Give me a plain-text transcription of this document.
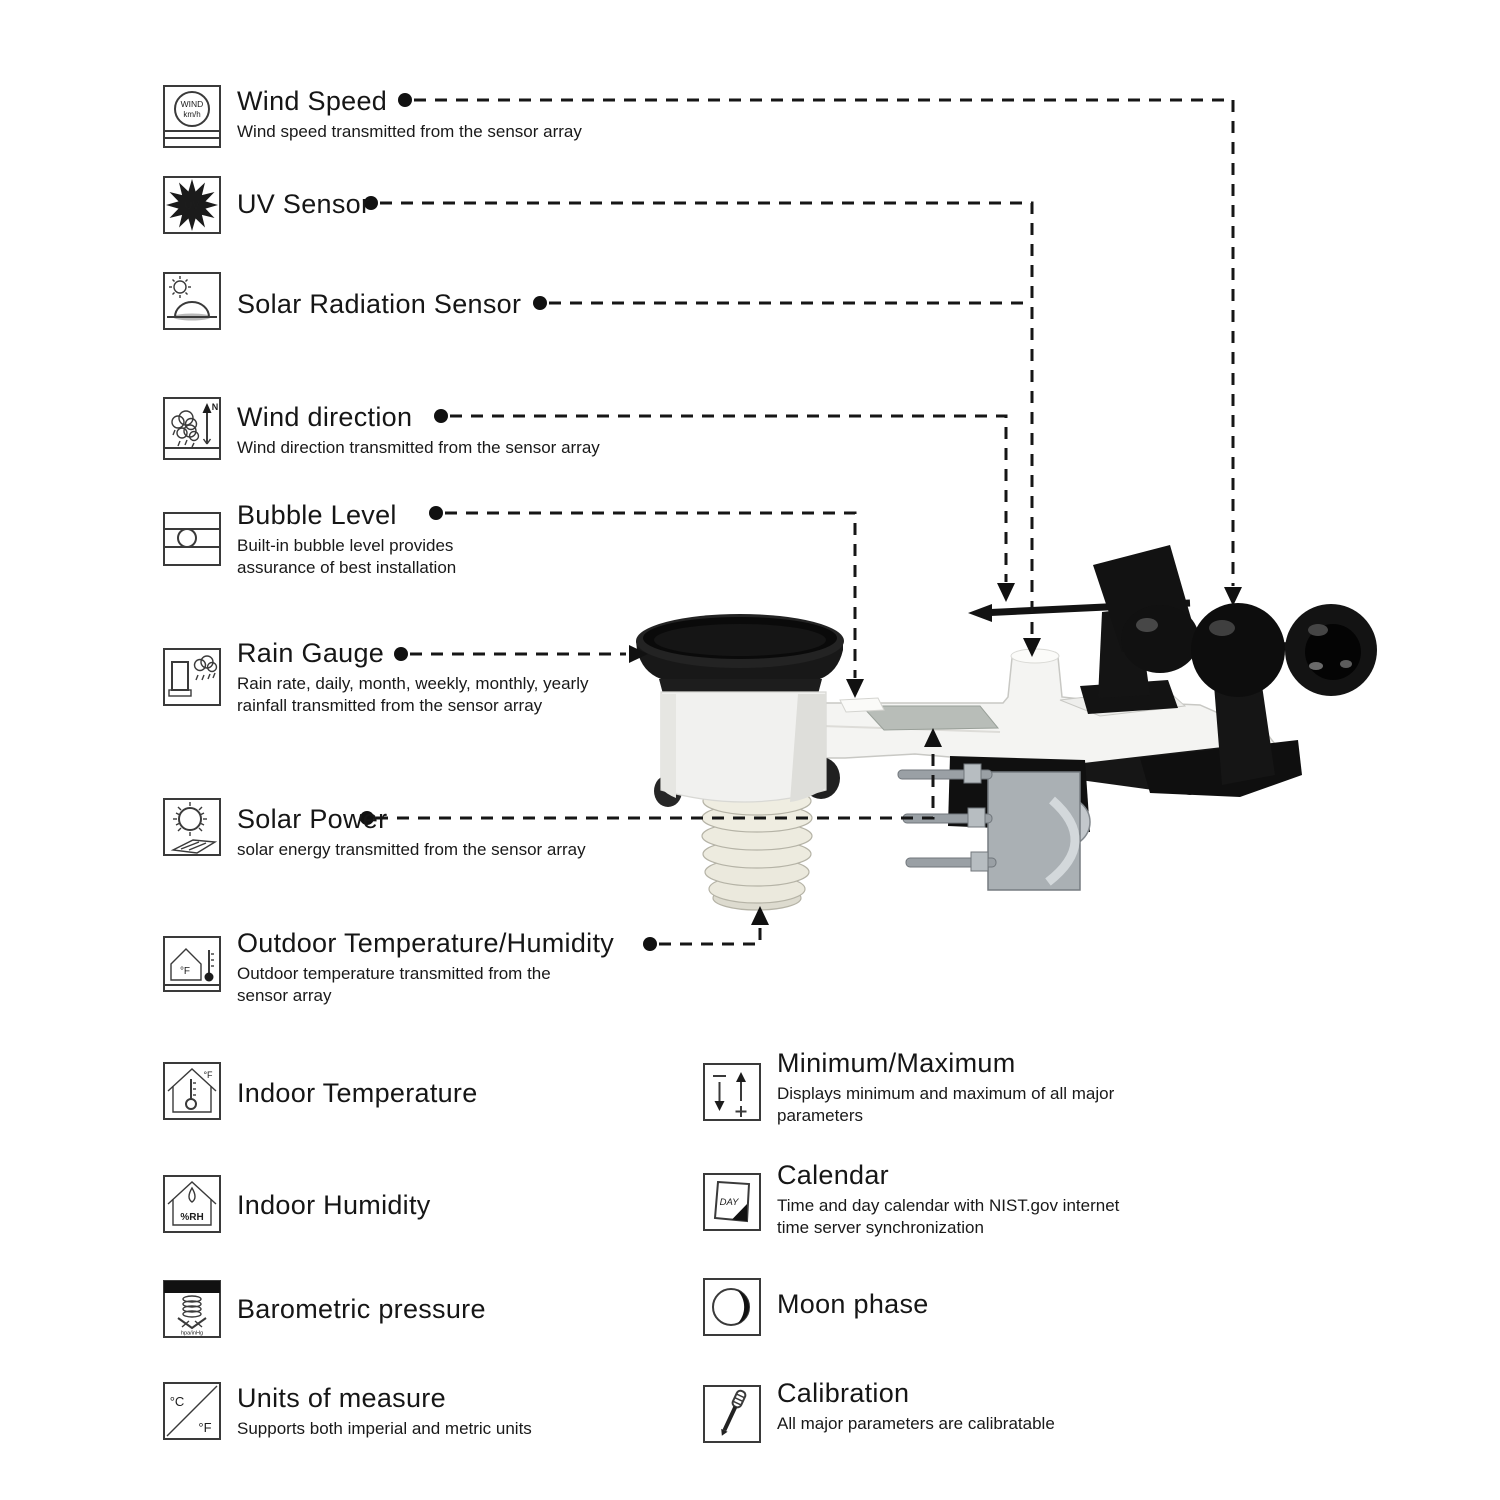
WIND
km/h Wind Speed
Wind speed transmitted from the sensor array
UV UV Sensor
Solar Radiation Sensor
N Wind direction
Wind direction transmitted from the sensor array
Bubble Level
Built-in bubble level provides
assurance of best installation
Rain Gauge
Rain rate, daily, month, weekly, monthly, yearly
rainfall transmitted from the sensor array
Solar Power
solar energy transmitted from the sensor array
°F
Outdoor Temperature/Humidity
Outdoor temperature transmitted from the
sensor array
°F
Indoor Temperature
%RH Indoor Humidity
hpa/inHg
Barometric pressure
°C
°F
Units of measure
Supports both imperial and metric units
Minimum/Maximum
Displays minimum and maximum of all major
parameters
DAY
Calendar
Time and day calendar with NIST.gov internet
time server synchronization
Moon phase
Calibration
All major parameters are calibratable
